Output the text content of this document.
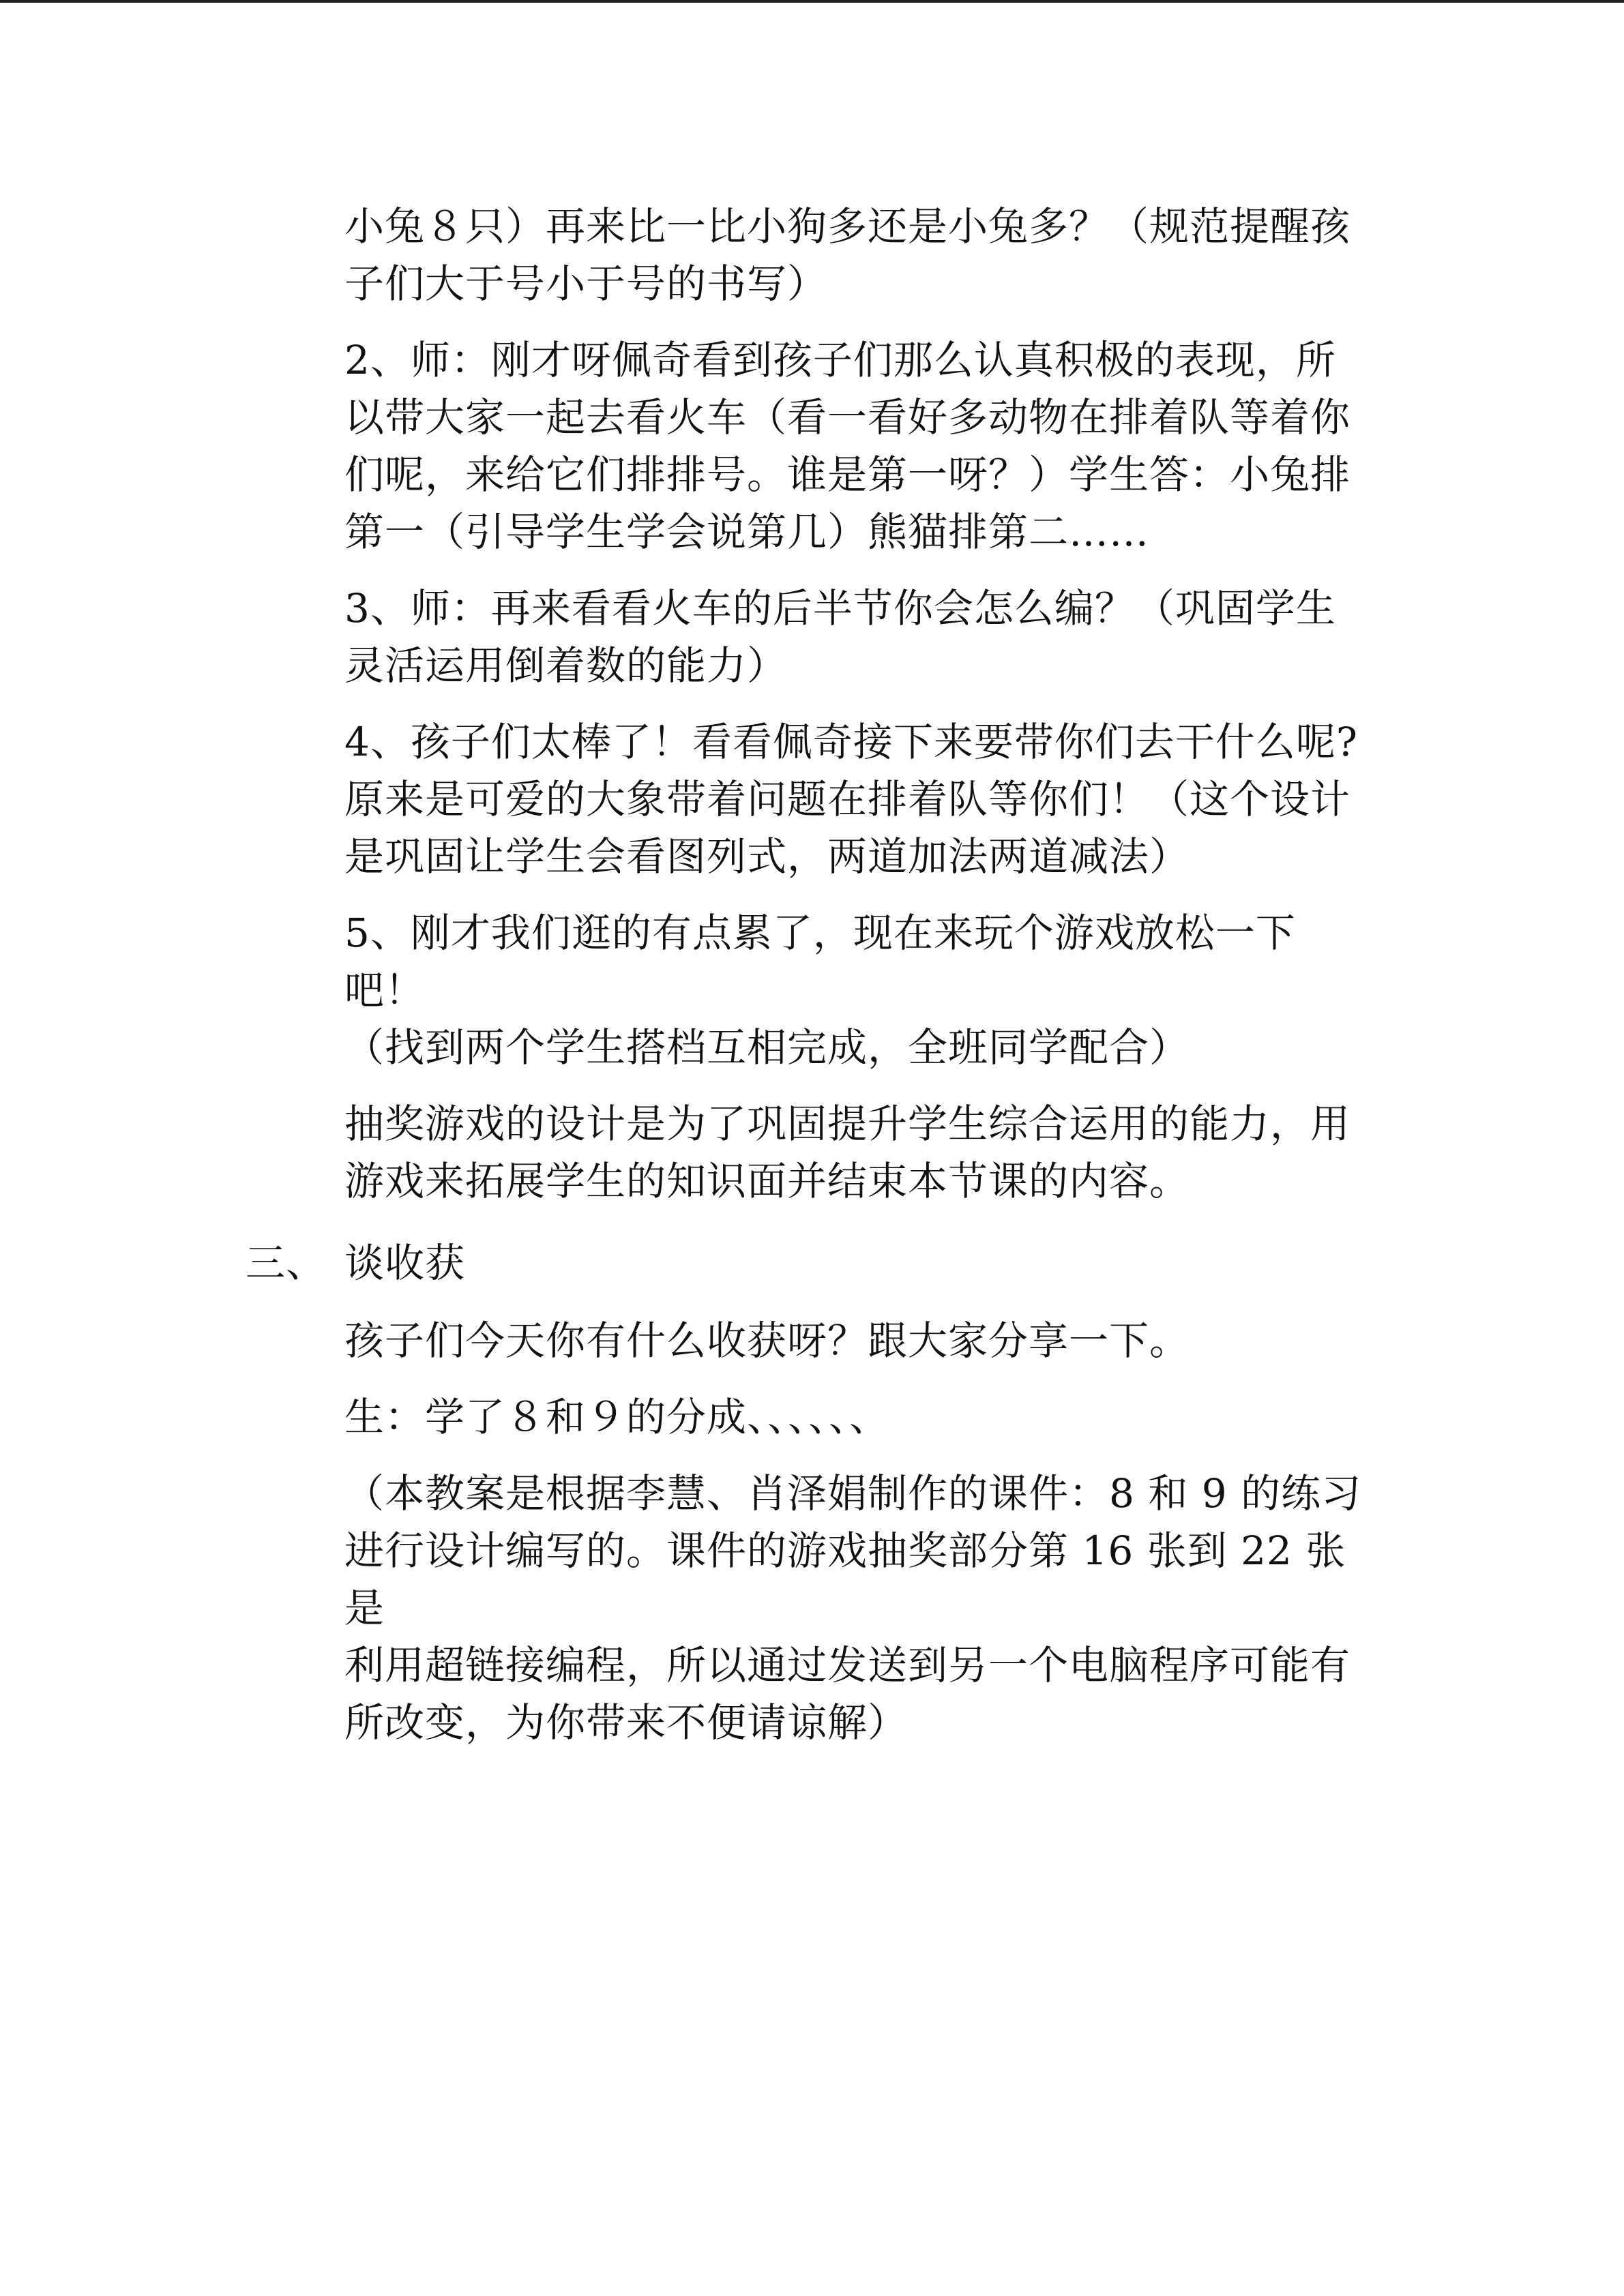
小兔８只）再来比一比小狗多还是小兔多？（规范提醒孩
子们大于号小于号的书写）

2、师：刚才呀佩奇看到孩子们那么认真积极的表现，所
以带大家一起去看火车（看一看好多动物在排着队等着你
们呢，来给它们排排号。谁是第一呀？）学生答：小兔排
第一（引导学生学会说第几）熊猫排第二……

3、师：再来看看火车的后半节你会怎么编？（巩固学生
灵活运用倒着数的能力）

4、孩子们太棒了！看看佩奇接下来要带你们去干什么呢?
原来是可爱的大象带着问题在排着队等你们！（这个设计
是巩固让学生会看图列式，两道加法两道减法）

5、刚才我们逛的有点累了，现在来玩个游戏放松一下吧！
（找到两个学生搭档互相完成，全班同学配合）

抽奖游戏的设计是为了巩固提升学生综合运用的能力，用
游戏来拓展学生的知识面并结束本节课的内容。

三、 谈收获

孩子们今天你有什么收获呀？跟大家分享一下。

生：学了８和９的分成、、、、、、

（本教案是根据李慧、肖泽娟制作的课件：8 和 9 的练习
进行设计编写的。课件的游戏抽奖部分第 16 张到 22 张是
利用超链接编程，所以通过发送到另一个电脑程序可能有
所改变，为你带来不便请谅解）
